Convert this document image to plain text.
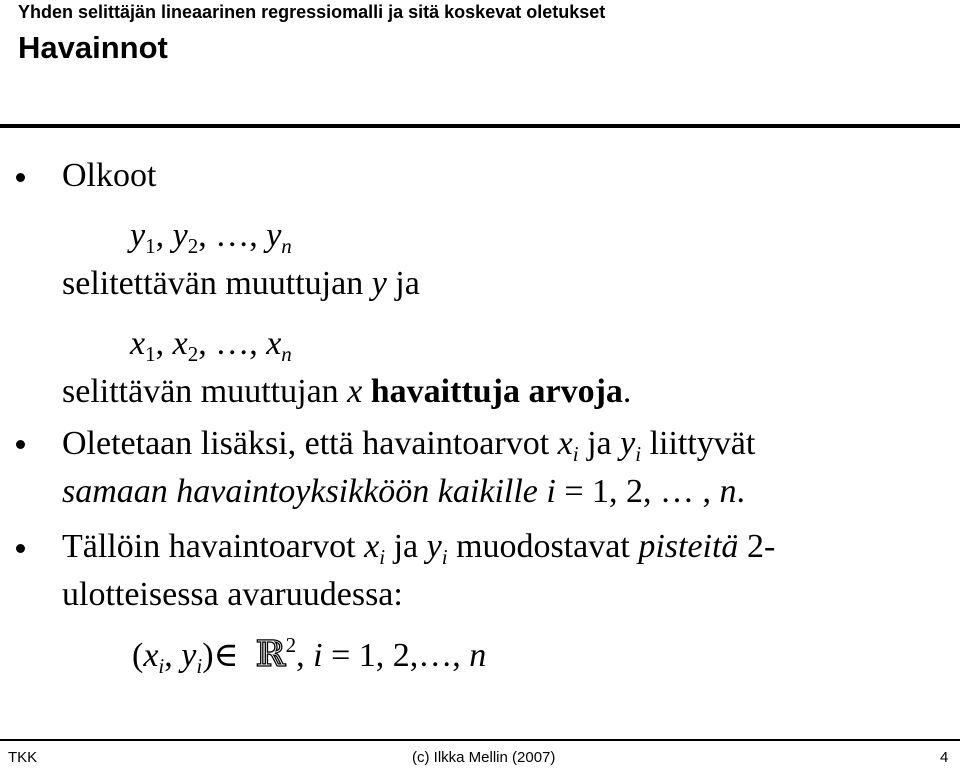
Yhden selittäjän lineaarinen regressiomalli ja sitä koskevat oletukset
Havainnot
Olkoot
$y_1$, $y_2$, …, $y_n$
selitettävän muuttujan y ja
$x_1$, $x_2$, …, $x_n$
selittävän muuttujan x havaittuja arvoja.
Oletetaan lisäksi, että havaintoarvot $x_i$ ja $y_i$ liittyvät
samaan havaintoyksikköön kaikille i = 1, 2, … , n.
Tällöin havaintoarvot $x_i$ ja $y_i$ muodostavat pisteitä 2-
ulotteisessa avaruudessa:
($x_i$, $y_i)\in$ ℝ$^2$, i = 1, 2,…, n
TKK	(c) Ilkka Mellin (2007)	4
